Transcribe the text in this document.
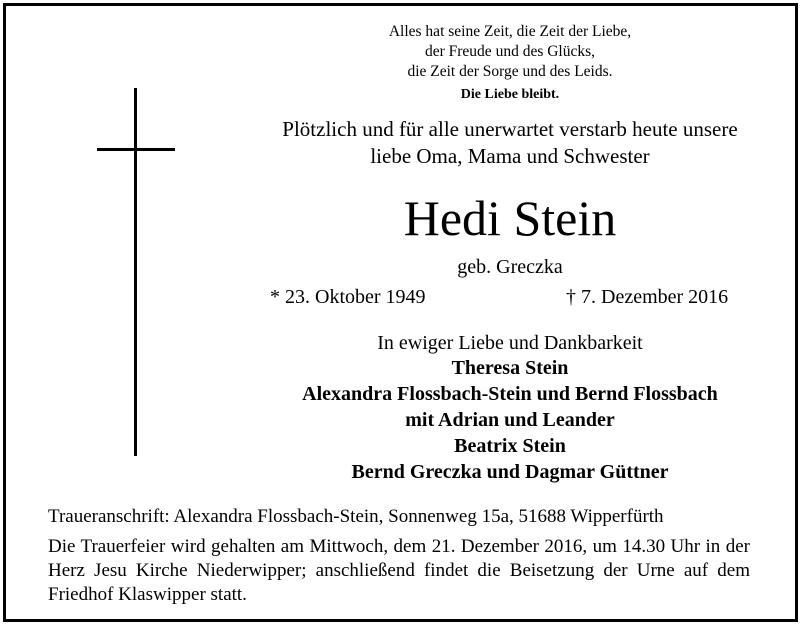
Alles hat seine Zeit, die Zeit der Liebe,
der Freude und des Glücks,
die Zeit der Sorge und des Leids.
Die Liebe bleibt.
Plötzlich und für alle unerwartet verstarb heute unsere
liebe Oma, Mama und Schwester
Hedi Stein
geb. Greczka
* 23. Oktober 1949	† 7. Dezember 2016
In ewiger Liebe und Dankbarkeit
Theresa Stein
Alexandra Flossbach-Stein und Bernd Flossbach
mit Adrian und Leander
Beatrix Stein
Bernd Greczka und Dagmar Güttner
Traueranschrift: Alexandra Flossbach-Stein, Sonnenweg 15a, 51688 Wipperfürth
Die Trauerfeier wird gehalten am Mittwoch, dem 21. Dezember 2016, um 14.30 Uhr in der Herz Jesu Kirche Niederwipper; anschließend findet die Beisetzung der Urne auf dem Friedhof Klaswipper statt.
